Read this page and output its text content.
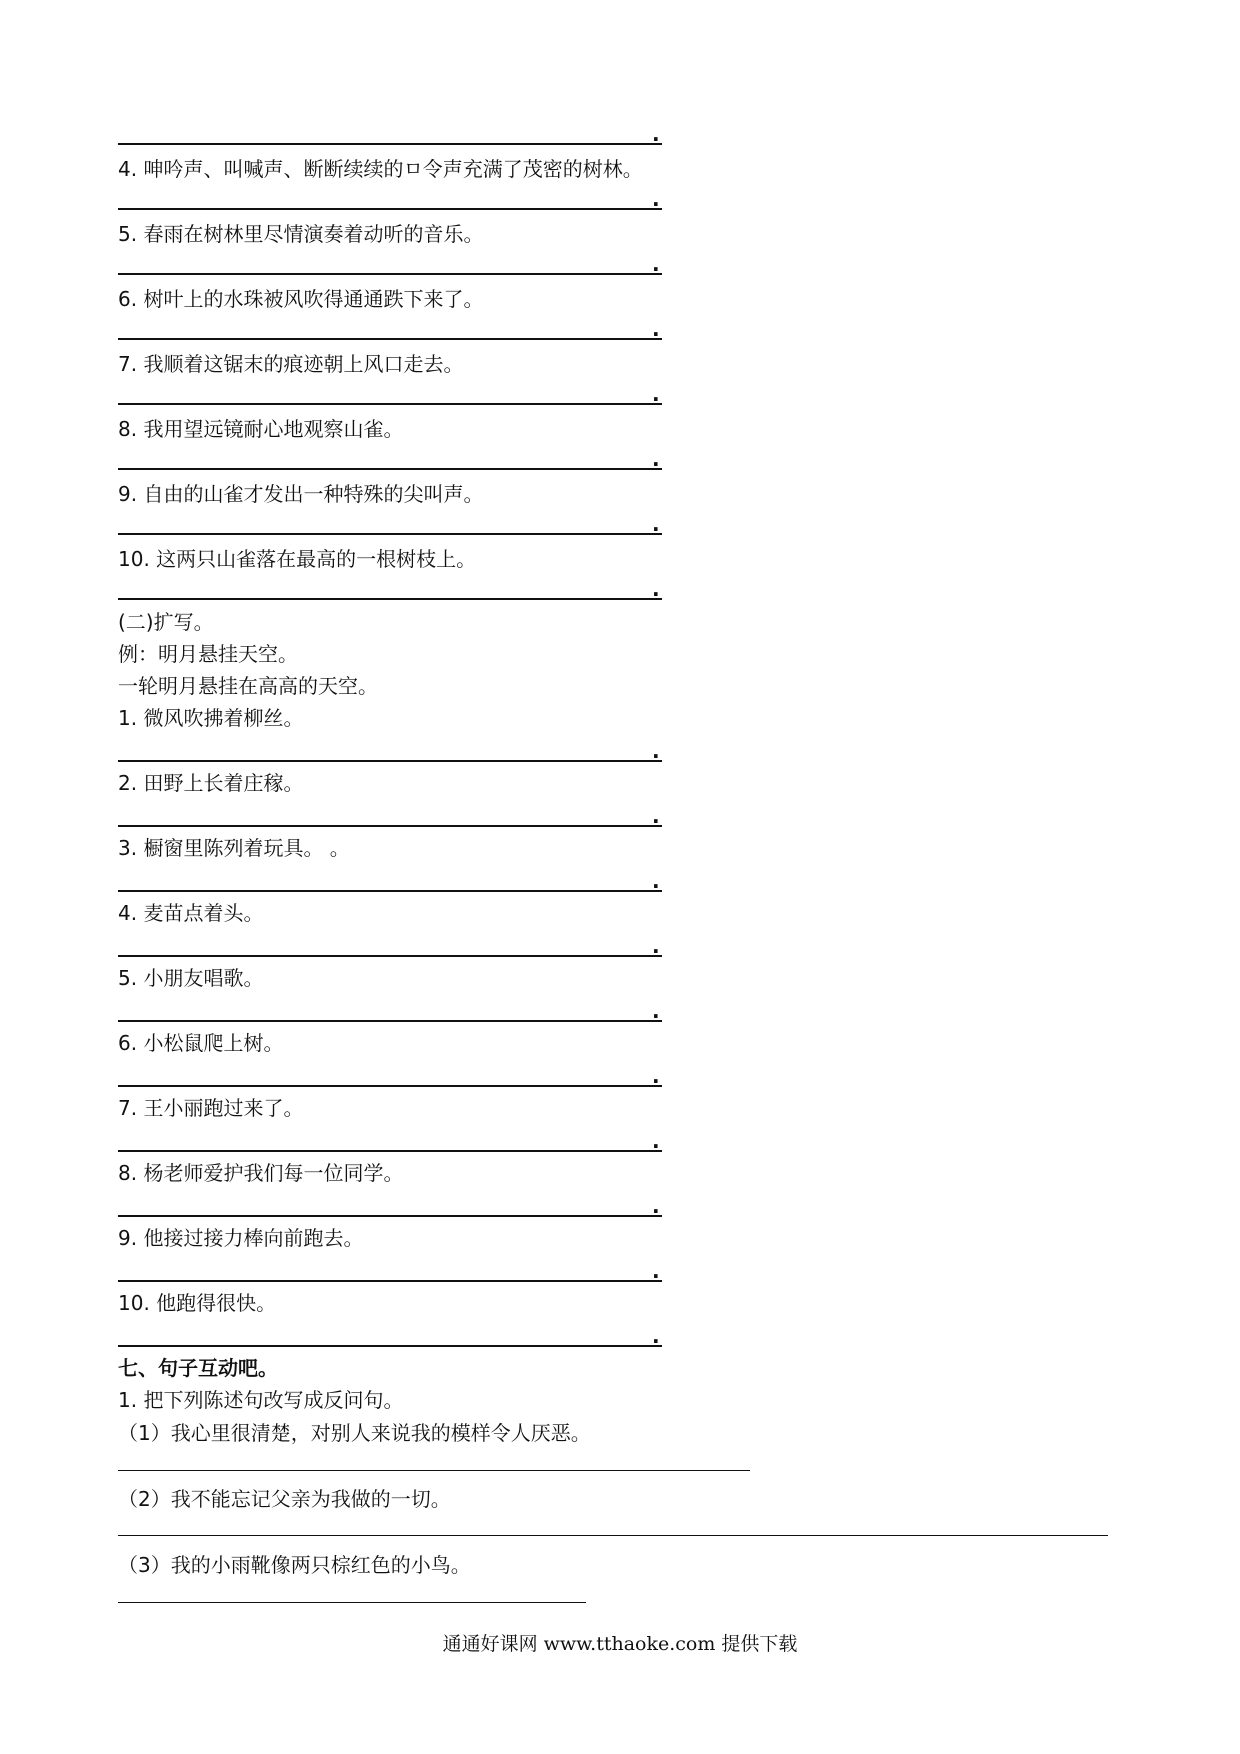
.
4. 呻吟声、叫喊声、断断续续的ㅁ令声充满了茂密的树林。
.
5. 春雨在树林里尽情演奏着动听的音乐。
.
6. 树叶上的水珠被风吹得通通跌下来了。
.
7. 我顺着这锯末的痕迹朝上风口走去。
.
8. 我用望远镜耐心地观察山雀。
.
9. 自由的山雀才发出一种特殊的尖叫声。
.
10. 这两只山雀落在最高的一根树枝上。
.
(二)扩写。
例：明月悬挂天空。
一轮明月悬挂在高高的天空。
1. 微风吹拂着柳丝。
.
2. 田野上长着庄稼。
.
3. 橱窗里陈列着玩具。 。
.
4. 麦苗点着头。
.
5. 小朋友唱歌。
.
6. 小松鼠爬上树。
.
7. 王小丽跑过来了。
.
8. 杨老师爱护我们每一位同学。
.
9. 他接过接力棒向前跑去。
.
10. 他跑得很快。
.
七、句子互动吧。
1. 把下列陈述句改写成反问句。
（1）我心里很清楚，对别人来说我的模样令人厌恶。
（2）我不能忘记父亲为我做的一切。
（3）我的小雨靴像两只棕红色的小鸟。
通通好课网 www.tthaoke.com 提供下载
